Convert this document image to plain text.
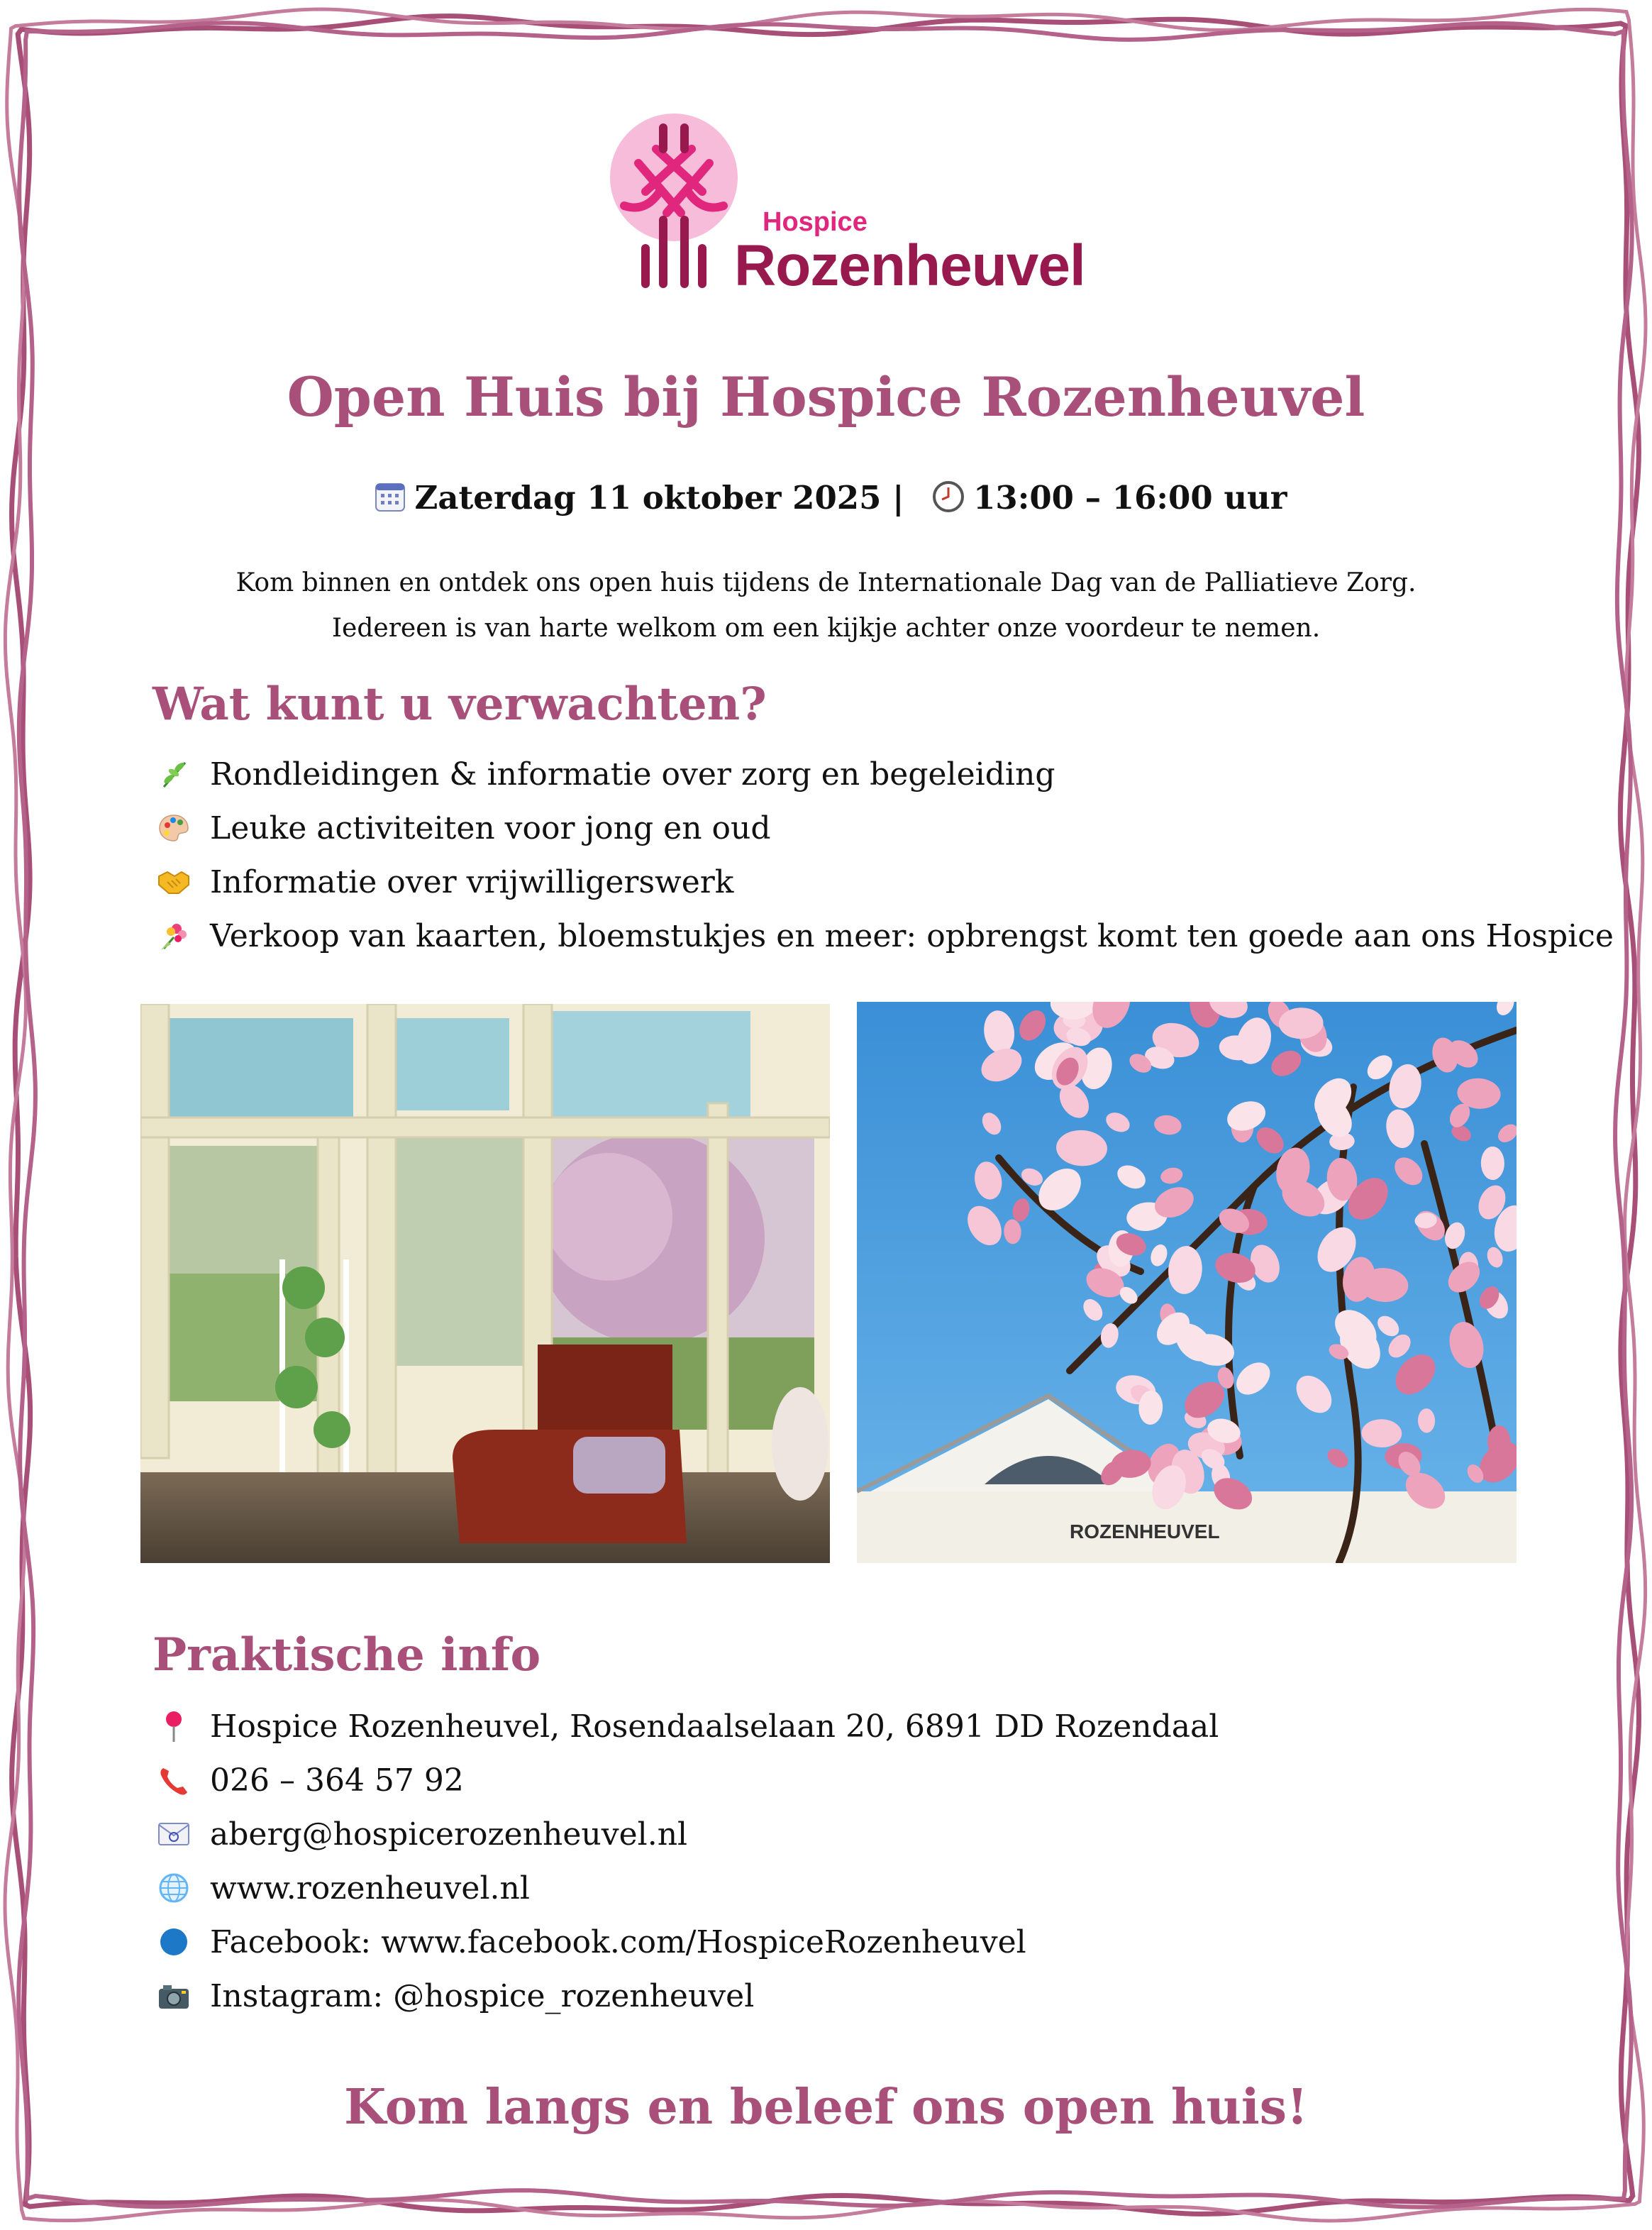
Hospice
Rozenheuvel
Open Huis bij Hospice Rozenheuvel
Zaterdag 11 oktober 2025 | 13:00 – 16:00 uur
Kom binnen en ontdek ons open huis tijdens de Internationale Dag van de Palliatieve Zorg.
Iedereen is van harte welkom om een kijkje achter onze voordeur te nemen.
Wat kunt u verwachten?
Rondleidingen & informatie over zorg en begeleiding
Leuke activiteiten voor jong en oud
Informatie over vrijwilligerswerk
Verkoop van kaarten, bloemstukjes en meer: opbrengst komt ten goede aan ons Hospice
ROZENHEUVEL
Praktische info
Hospice Rozenheuvel, Rosendaalselaan 20, 6891 DD Rozendaal
026 – 364 57 92
aberg@hospicerozenheuvel.nl
www.rozenheuvel.nl
Facebook: www.facebook.com/HospiceRozenheuvel
Instagram: @hospice_rozenheuvel
Kom langs en beleef ons open huis!
